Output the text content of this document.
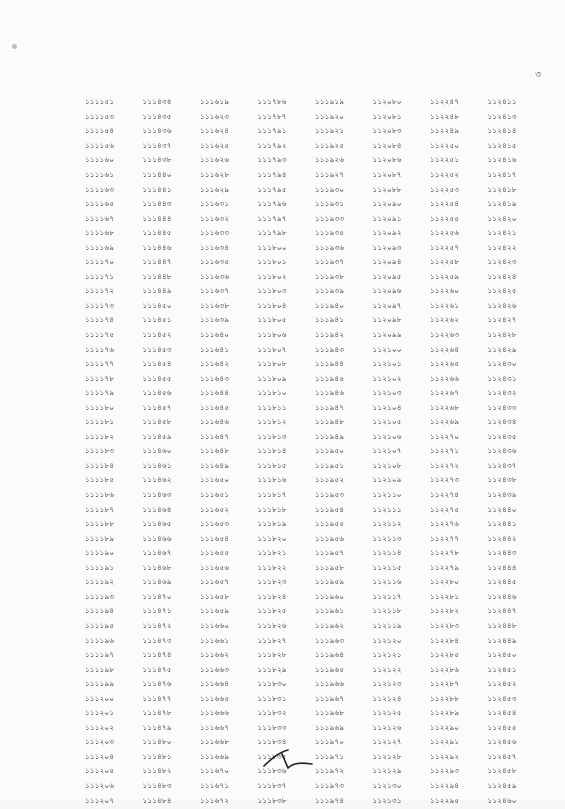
৩
১১১১৫১	১১১৪৩৪	১১১৬১৯	১১১৭৮৬	১১১৯১৯	১১২০৮০	১১২২৪৭	১১২৪১১
১১১১৫৩	১১১৪৩৫	১১১৬২৩	১১১৭৮৭	১১১৯২০	১১২০৮১	১১২২৪৮	১১২৪১৩
১১১১৫৪	১১১৪৩৬	১১১৬২৪	১১১৭৯১	১১১৯২১	১১২০৮৩	১১২২৪৯	১১২৪১৪
১১১১৫৬	১১১৪৩৭	১১১৬২৫	১১১৭৯২	১১১৯২৫	১১২০৮৪	১১২২৫০	১১২৪১৫
১১১১৬০	১১১৪৩৮	১১১৬২৬	১১১৭৯৩	১১১৯২৬	১১২০৮৬	১১২২৫১	১১২৪১৬
১১১১৬১	১১১৪৪০	১১১৬২৮	১১১৭৯৪	১১১৯২৭	১১২০৮৭	১১২২৫২	১১২৪১৭
১১১১৬৩	১১১৪৪১	১১১৬২৯	১১১৭৯৫	১১১৯৩০	১১২০৮৮	১১২২৫৩	১১২৪১৮
১১১১৬৫	১১১৪৪৩	১১১৬৩১	১১১৭৯৬	১১১৯৩১	১১২০৯০	১১২২৫৪	১১২৪১৯
১১১১৬৭	১১১৪৪৪	১১১৬৩২	১১১৭৯৭	১১১৯৩৩	১১২০৯১	১১২২৫৫	১১২৪২০
১১১১৬৮	১১১৪৪৫	১১১৬৩৩	১১১৭৯৮	১১১৯৩৫	১১২০৯২	১১২২৫৬	১১২৪২১
১১১১৬৯	১১১৪৪৬	১১১৬৩৪	১১১৮০০	১১১৯৩৬	১১২০৯৩	১১২২৫৭	১১২৪২২
১১১১৭০	১১১৪৪৭	১১১৬৩৫	১১১৮০১	১১১৯৩৭	১১২০৯৪	১১২২৫৮	১১২৪২৩
১১১১৭১	১১১৪৪৮	১১১৬৩৬	১১১৮০২	১১১৯৩৮	১১২০৯৫	১১২২৫৯	১১২৪২৪
১১১১৭২	১১১৪৪৯	১১১৬৩৭	১১১৮০৩	১১১৯৩৯	১১২০৯৬	১১২২৬০	১১২৪২৫
১১১১৭৩	১১১৪৫০	১১১৬৩৮	১১১৮০৪	১১১৯৪০	১১২০৯৭	১১২২৬১	১১২৪২৬
১১১১৭৪	১১১৪৫১	১১১৬৩৯	১১১৮০৫	১১১৯৪১	১১২০৯৮	১১২২৬২	১১২৪২৭
১১১১৭৫	১১১৪৫২	১১১৬৪০	১১১৮০৬	১১১৯৪২	১১২০৯৯	১১২২৬৩	১১২৪২৮
১১১১৭৬	১১১৪৫৩	১১১৬৪১	১১১৮০৭	১১১৯৪৩	১১২১০০	১১২২৬৪	১১২৪২৯
১১১১৭৭	১১১৪৫৪	১১১৬৪২	১১১৮০৮	১১১৯৪৪	১১২১০১	১১২২৬৫	১১২৪৩০
১১১১৭৮	১১১৪৫৫	১১১৬৪৩	১১১৮০৯	১১১৯৪৫	১১২১০২	১১২২৬৬	১১২৪৩১
১১১১৭৯	১১১৪৫৬	১১১৬৪৪	১১১৮১০	১১১৯৪৬	১১২১০৩	১১২২৬৭	১১২৪৩২
১১১১৮০	১১১৪৫৭	১১১৬৪৫	১১১৮১১	১১১৯৪৭	১১২১০৪	১১২২৬৮	১১২৪৩৩
১১১১৮১	১১১৪৫৮	১১১৬৪৬	১১১৮১২	১১১৯৪৮	১১২১০৫	১১২২৬৯	১১২৪৩৪
১১১১৮২	১১১৪৫৯	১১১৬৪৭	১১১৮১৩	১১১৯৪৯	১১২১০৬	১১২২৭০	১১২৪৩৫
১১১১৮৩	১১১৪৬০	১১১৬৪৮	১১১৮১৪	১১১৯৫০	১১২১০৭	১১২২৭১	১১২৪৩৬
১১১১৮৪	১১১৪৬১	১১১৬৪৯	১১১৮১৫	১১১৯৫১	১১২১০৮	১১২২৭২	১১২৪৩৭
১১১১৮৫	১১১৪৬২	১১১৬৫০	১১১৮১৬	১১১৯৫২	১১২১০৯	১১২২৭৩	১১২৪৩৮
১১১১৮৬	১১১৪৬৩	১১১৬৫১	১১১৮১৭	১১১৯৫৩	১১২১১০	১১২২৭৪	১১২৪৩৯
১১১১৮৭	১১১৪৬৪	১১১৬৫২	১১১৮১৮	১১১৯৫৪	১১২১১১	১১২২৭৫	১১২৪৪০
১১১১৮৮	১১১৪৬৫	১১১৬৫৩	১১১৮১৯	১১১৯৫৫	১১২১১২	১১২২৭৬	১১২৪৪১
১১১১৮৯	১১১৪৬৬	১১১৬৫৪	১১১৮২০	১১১৯৫৬	১১২১১৩	১১২২৭৭	১১২৪৪২
১১১১৯০	১১১৪৬৭	১১১৬৫৫	১১১৮২১	১১১৯৫৭	১১২১১৪	১১২২৭৮	১১২৪৪৩
১১১১৯১	১১১৪৬৮	১১১৬৫৬	১১১৮২২	১১১৯৫৮	১১২১১৫	১১২২৭৯	১১২৪৪৪
১১১১৯২	১১১৪৬৯	১১১৬৫৭	১১১৮২৩	১১১৯৫৯	১১২১১৬	১১২২৮০	১১২৪৪৫
১১১১৯৩	১১১৪৭০	১১১৬৫৮	১১১৮২৪	১১১৯৬০	১১২১১৭	১১২২৮১	১১২৪৪৬
১১১১৯৪	১১১৪৭১	১১১৬৫৯	১১১৮২৫	১১১৯৬১	১১২১১৮	১১২২৮২	১১২৪৪৭
১১১১৯৫	১১১৪৭২	১১১৬৬০	১১১৮২৬	১১১৯৬২	১১২১১৯	১১২২৮৩	১১২৪৪৮
১১১১৯৬	১১১৪৭৩	১১১৬৬১	১১১৮২৭	১১১৯৬৩	১১২১২০	১১২২৮৪	১১২৪৪৯
১১১১৯৭	১১১৪৭৪	১১১৬৬২	১১১৮২৮	১১১৯৬৪	১১২১২১	১১২২৮৫	১১২৪৫০
১১১১৯৮	১১১৪৭৫	১১১৬৬৩	১১১৮২৯	১১১৯৬৫	১১২১২২	১১২২৮৬	১১২৪৫১
১১১১৯৯	১১১৪৭৬	১১১৬৬৪	১১১৮৩০	১১১৯৬৬	১১২১২৩	১১২২৮৭	১১২৪৫২
১১১২০০	১১১৪৭৭	১১১৬৬৫	১১১৮৩১	১১১৯৬৭	১১২১২৪	১১২২৮৮	১১২৪৫৩
১১১২০১	১১১৪৭৮	১১১৬৬৬	১১১৮৩২	১১১৯৬৮	১১২১২৫	১১২২৮৯	১১২৪৫৪
১১১২০২	১১১৪৭৯	১১১৬৬৭	১১১৮৩৩	১১১৯৬৯	১১২১২৬	১১২২৯০	১১২৪৫৫
১১১২০৩	১১১৪৮০	১১১৬৬৮	১১১৮৩৪	১১১৯৭০	১১২১২৭	১১২২৯১	১১২৪৫৬
১১১২০৪	১১১৪৮১	১১১৬৬৯	১১১৮৩৫	১১১৯৭১	১১২১২৮	১১২২৯২	১১২৪৫৭
১১১২০৫	১১১৪৮২	১১১৬৭০	১১১৮৩৬	১১১৯৭২	১১২১২৯	১১২২৯৩	১১২৪৫৮
১১১২০৬	১১১৪৮৩	১১১৬৭১	১১১৮৩৭	১১১৯৭৩	১১২১৩০	১১২২৯৪	১১২৪৫৯
১১১২০৭	১১১৪৮৪	১১১৬৭২	১১১৮৩৮	১১১৯৭৪	১১২১৩১	১১২২৯৫	১১২৪৬০
